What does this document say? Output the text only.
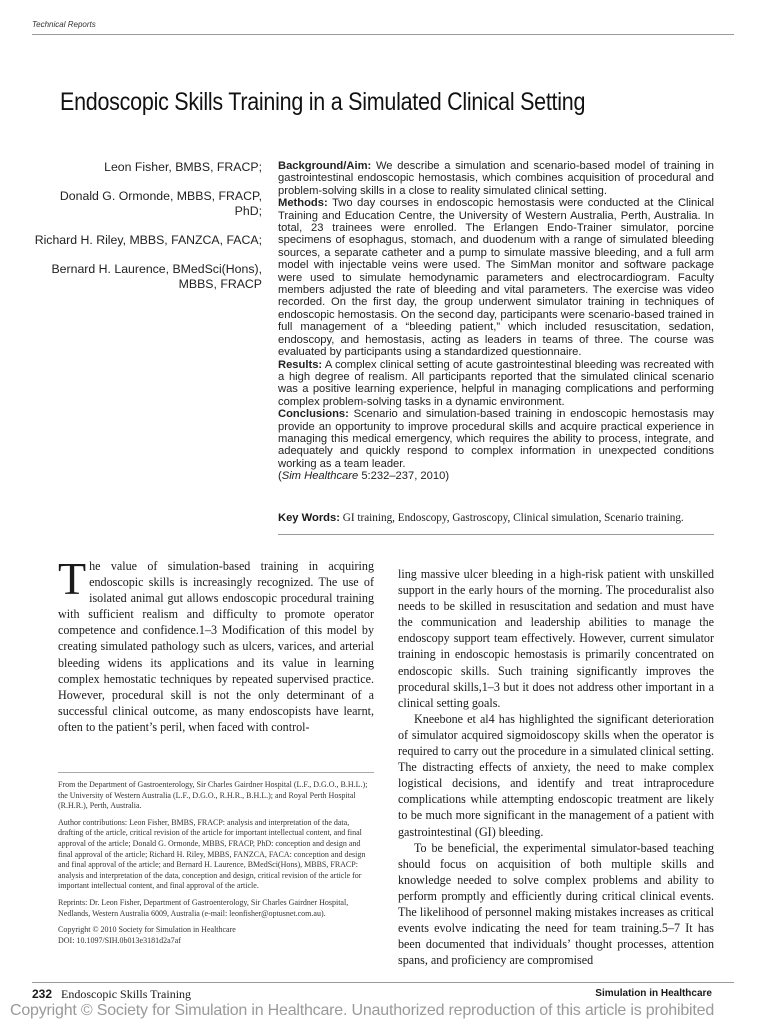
Technical Reports
Endoscopic Skills Training in a Simulated Clinical Setting
Leon Fisher, BMBS, FRACP;
Donald G. Ormonde, MBBS, FRACP, PhD;
Richard H. Riley, MBBS, FANZCA, FACA;
Bernard H. Laurence, BMedSci(Hons), MBBS, FRACP

Background/Aim: We describe a simulation and scenario-based model of training in gastrointestinal endoscopic hemostasis, which combines acquisition of procedural and problem-solving skills in a close to reality simulated clinical setting.

Methods: Two day courses in endoscopic hemostasis were conducted at the Clinical Training and Education Centre, the University of Western Australia, Perth, Australia. In total, 23 trainees were enrolled. The Erlangen Endo-Trainer simulator, porcine specimens of esophagus, stomach, and duodenum with a range of simulated bleeding sources, a separate catheter and a pump to simulate massive bleeding, and a full arm model with injectable veins were used. The SimMan monitor and software package were used to simulate hemodynamic parameters and electrocardiogram. Faculty members adjusted the rate of bleeding and vital parameters. The exercise was video recorded. On the first day, the group underwent simulator training in techniques of endoscopic hemostasis. On the second day, participants were scenario-based trained in full management of a “bleeding patient,” which included resuscitation, sedation, endoscopy, and hemostasis, acting as leaders in teams of three. The course was evaluated by participants using a standardized questionnaire.

Results: A complex clinical setting of acute gastrointestinal bleeding was recreated with a high degree of realism. All participants reported that the simulated clinical scenario was a positive learning experience, helpful in managing complications and performing complex problem-solving tasks in a dynamic environment.

Conclusions: Scenario and simulation-based training in endoscopic hemostasis may provide an opportunity to improve procedural skills and acquire practical experience in managing this medical emergency, which requires the ability to process, integrate, and adequately and quickly respond to complex information in unexpected conditions working as a team leader.

(Sim Healthcare 5:232–237, 2010)

Key Words: GI training, Endoscopy, Gastroscopy, Clinical simulation, Scenario training.

The value of simulation-based training in acquiring endoscopic skills is increasingly recognized. The use of isolated animal gut allows endoscopic procedural training with sufficient realism and difficulty to promote operator competence and confidence.1–3 Modification of this model by creating simulated pathology such as ulcers, varices, and arterial bleeding widens its applications and its value in learning complex hemostatic techniques by repeated supervised practice. However, procedural skill is not the only determinant of a successful clinical outcome, as many endoscopists have learnt, often to the patient’s peril, when faced with control-

From the Department of Gastroenterology, Sir Charles Gairdner Hospital (L.F., D.G.O., B.H.L.); the University of Western Australia (L.F., D.G.O., R.H.R., B.H.L.); and Royal Perth Hospital (R.H.R.), Perth, Australia.

Author contributions: Leon Fisher, BMBS, FRACP: analysis and interpretation of the data, drafting of the article, critical revision of the article for important intellectual content, and final approval of the article; Donald G. Ormonde, MBBS, FRACP, PhD: conception and design and final approval of the article; Richard H. Riley, MBBS, FANZCA, FACA: conception and design and final approval of the article; and Bernard H. Laurence, BMedSci(Hons), MBBS, FRACP: analysis and interpretation of the data, conception and design, critical revision of the article for important intellectual content, and final approval of the article.

Reprints: Dr. Leon Fisher, Department of Gastroenterology, Sir Charles Gairdner Hospital, Nedlands, Western Australia 6009, Australia (e-mail: leonfisher@optusnet.com.au).

Copyright © 2010 Society for Simulation in Healthcare

DOI: 10.1097/SIH.0b013e3181d2a7af

ling massive ulcer bleeding in a high-risk patient with unskilled support in the early hours of the morning. The proceduralist also needs to be skilled in resuscitation and sedation and must have the communication and leadership abilities to manage the endoscopy support team effectively. However, current simulator training in endoscopic hemostasis is primarily concentrated on endoscopic skills. Such training significantly improves the procedural skills,1–3 but it does not address other important in a clinical setting goals.

Kneebone et al4 has highlighted the significant deterioration of simulator acquired sigmoidoscopy skills when the operator is required to carry out the procedure in a simulated clinical setting. The distracting effects of anxiety, the need to make complex logistical decisions, and identify and treat intraprocedure complications while attempting endoscopic treatment are likely to be much more significant in the management of a patient with gastrointestinal (GI) bleeding.

To be beneficial, the experimental simulator-based teaching should focus on acquisition of both multiple skills and knowledge needed to solve complex problems and ability to perform promptly and efficiently during critical clinical events. The likelihood of personnel making mistakes increases as critical events evolve indicating the need for team training.5–7 It has been documented that individuals’ thought processes, attention spans, and proficiency are compromised

232 Endoscopic Skills Training	Simulation in Healthcare
Copyright © Society for Simulation in Healthcare. Unauthorized reproduction of this article is prohibited
